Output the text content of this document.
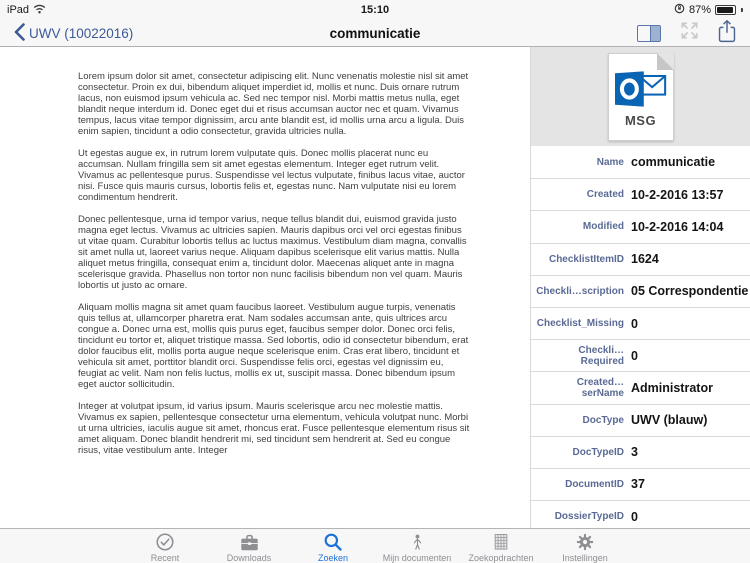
iPad	15:10	87%
UWV (10022016)	communicatie

Lorem ipsum dolor sit amet, consectetur adipiscing elit. Nunc venenatis molestie nisl sit amet consectetur. Proin ex dui, bibendum aliquet imperdiet id, mollis et nunc. Duis ornare rutrum lacus, non euismod ipsum vehicula ac. Sed nec tempor nisl. Morbi mattis metus nulla, eget blandit neque interdum id. Donec eget dui et risus accumsan auctor nec et quam. Vivamus tempus, lacus vitae tempor dignissim, arcu ante blandit est, id mollis urna arcu a ligula. Duis enim sapien, tincidunt a odio consectetur, gravida ultricies nulla.

Ut egestas augue ex, in rutrum lorem vulputate quis. Donec mollis placerat nunc eu accumsan. Nullam fringilla sem sit amet egestas elementum. Integer eget rutrum velit. Vivamus ac pellentesque purus. Suspendisse vel lectus vulputate, finibus lacus vitae, auctor nisi. Fusce quis mauris cursus, lobortis felis et, egestas nunc. Nam vulputate nisi eu lorem condimentum hendrerit.

Donec pellentesque, urna id tempor varius, neque tellus blandit dui, euismod gravida justo magna eget lectus. Vivamus ac ultricies sapien. Mauris dapibus orci vel orci egestas finibus ut vitae quam. Curabitur lobortis tellus ac luctus maximus. Vestibulum diam magna, convallis sit amet nulla ut, laoreet varius neque. Aliquam dapibus scelerisque elit varius mattis. Nulla aliquet metus fringilla, consequat enim a, tincidunt dolor. Maecenas aliquet ante in magna scelerisque gravida. Phasellus non tortor non nunc facilisis bibendum non vel quam. Mauris lobortis ut justo ac ornare.

Aliquam mollis magna sit amet quam faucibus laoreet. Vestibulum augue turpis, venenatis quis tellus at, ullamcorper pharetra erat. Nam sodales accumsan ante, quis ultrices arcu congue a. Donec urna est, mollis quis purus eget, faucibus semper dolor. Donec orci felis, tincidunt eu tortor et, aliquet tristique massa. Sed lobortis, odio id consectetur bibendum, erat dolor faucibus elit, mollis porta augue neque scelerisque enim. Cras erat libero, tincidunt et vehicula sit amet, porttitor blandit orci. Suspendisse felis orci, egestas vel dignissim eu, feugiat ac velit. Nam non felis luctus, mollis ex ut, suscipit massa. Donec bibendum ipsum eget auctor sollicitudin.

Integer at volutpat ipsum, id varius ipsum. Mauris scelerisque arcu nec molestie mattis. Vivamus ex sapien, pellentesque consectetur urna elementum, vehicula volutpat nunc. Morbi ut urna ultricies, iaculis augue sit amet, rhoncus erat. Fusce pellentesque elementum risus sit amet aliquam. Donec blandit hendrerit mi, sed tincidunt sem hendrerit at. Sed eu congue risus, vitae vestibulum ante. Integer

MSG
Name communicatie
Created 10-2-2016 13:57
Modified 10-2-2016 14:04
ChecklistItemID 1624
Checkli…scription 05 Correspondentie
Checklist_Missing 0
Checkli…Required 0
Created…serName Administrator
DocType UWV (blauw)
DocTypeID 3
DocumentID 37
DossierTypeID 0
Recent	Downloads	Zoeken	Mijn documenten Zoekopdrachten	Instellingen
